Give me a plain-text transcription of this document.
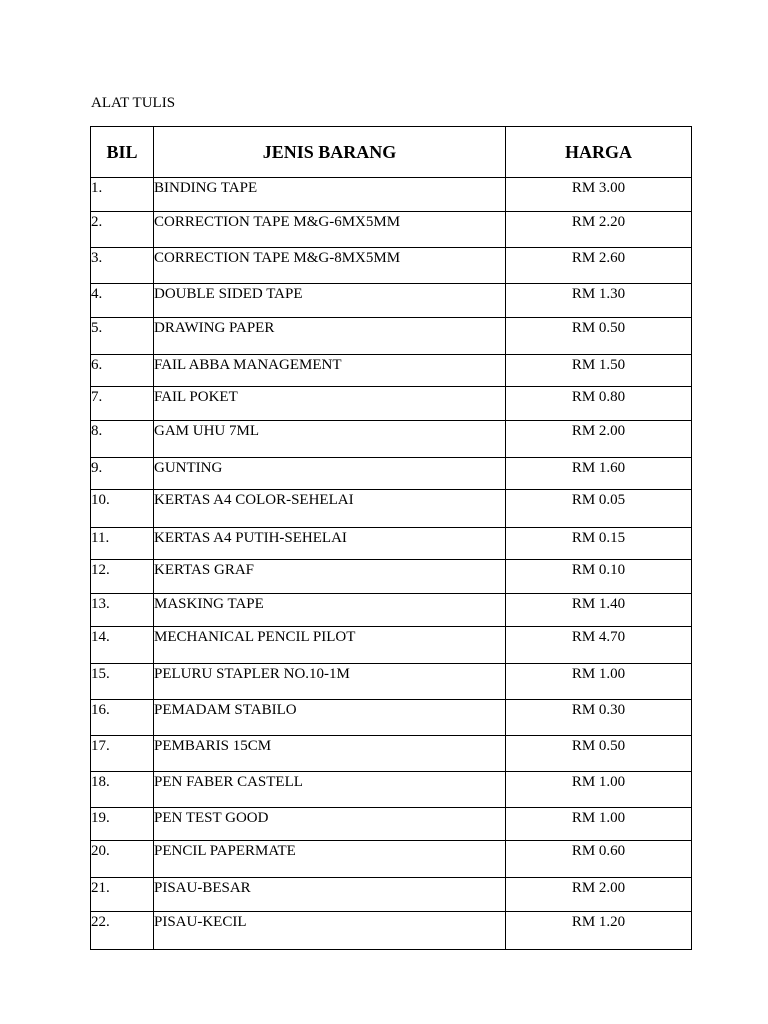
ALAT TULIS
BIL	JENIS BARANG	HARGA
1.	BINDING TAPE	RM 3.00
2.	CORRECTION TAPE M&G-6MX5MM	RM 2.20
3.	CORRECTION TAPE M&G-8MX5MM	RM 2.60
4.	DOUBLE SIDED TAPE	RM 1.30
5.	DRAWING PAPER	RM 0.50
6.	FAIL ABBA MANAGEMENT	RM 1.50
7.	FAIL POKET	RM 0.80
8.	GAM UHU 7ML	RM 2.00
9.	GUNTING	RM 1.60
10.	KERTAS A4 COLOR-SEHELAI	RM 0.05
11.	KERTAS A4 PUTIH-SEHELAI	RM 0.15
12.	KERTAS GRAF	RM 0.10
13.	MASKING TAPE	RM 1.40
14.	MECHANICAL PENCIL PILOT	RM 4.70
15.	PELURU STAPLER NO.10-1M	RM 1.00
16.	PEMADAM STABILO	RM 0.30
17.	PEMBARIS 15CM	RM 0.50
18.	PEN FABER CASTELL	RM 1.00
19.	PEN TEST GOOD	RM 1.00
20.	PENCIL PAPERMATE	RM 0.60
21.	PISAU-BESAR	RM 2.00
22.	PISAU-KECIL	RM 1.20
